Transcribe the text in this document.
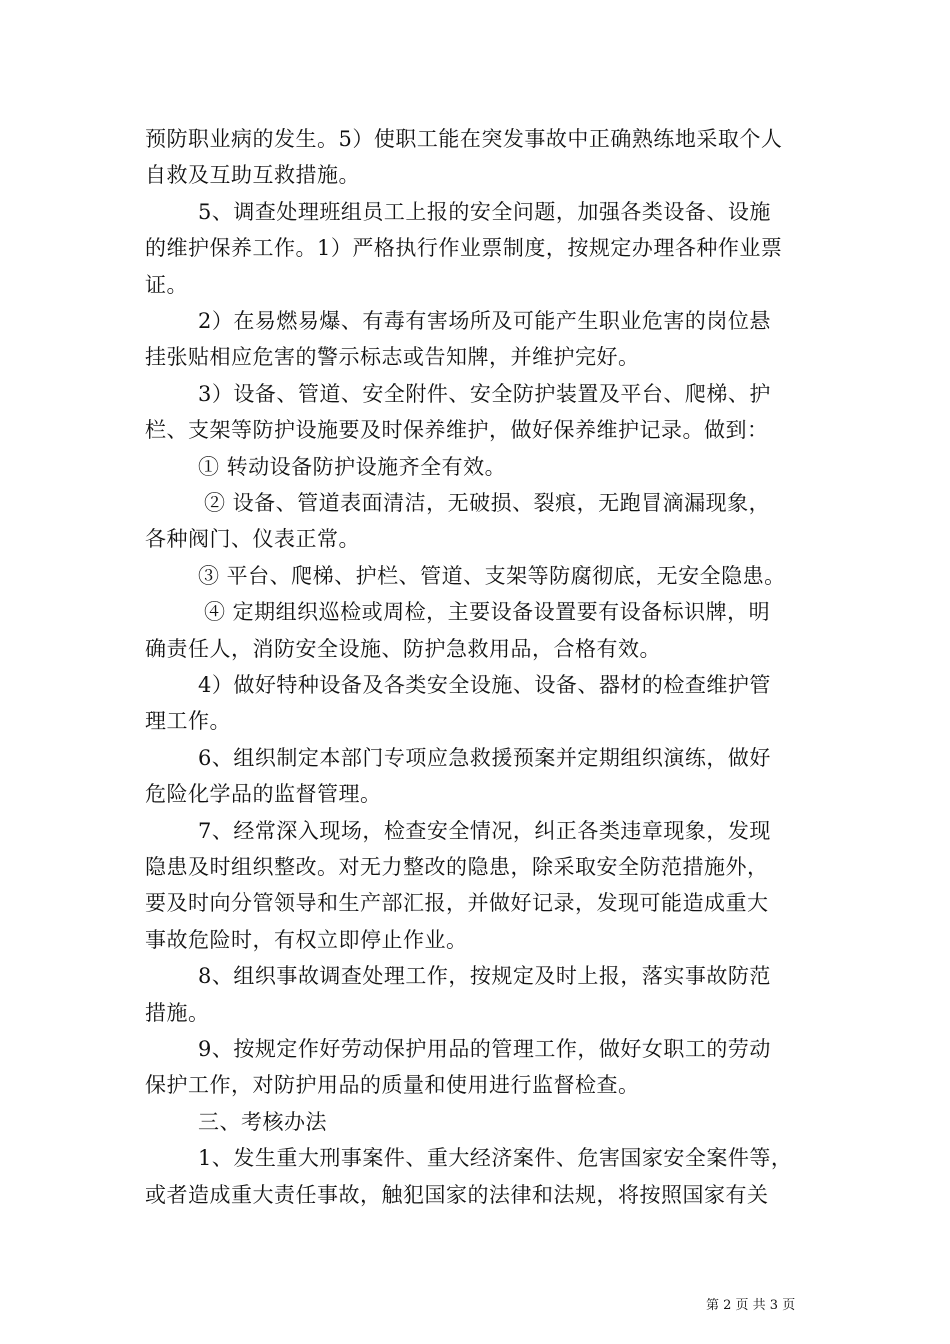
预防职业病的发生。5）使职工能在突发事故中正确熟练地采取个人
自救及互助互救措施。
5、调查处理班组员工上报的安全问题，加强各类设备、设施
的维护保养工作。1）严格执行作业票制度，按规定办理各种作业票
证。
2）在易燃易爆、有毒有害场所及可能产生职业危害的岗位悬
挂张贴相应危害的警示标志或告知牌，并维护完好。
3）设备、管道、安全附件、安全防护装置及平台、爬梯、护
栏、支架等防护设施要及时保养维护，做好保养维护记录。做到：
① 转动设备防护设施齐全有效。
② 设备、管道表面清洁，无破损、裂痕，无跑冒滴漏现象，
各种阀门、仪表正常。
③ 平台、爬梯、护栏、管道、支架等防腐彻底，无安全隐患。
④ 定期组织巡检或周检，主要设备设置要有设备标识牌，明
确责任人，消防安全设施、防护急救用品，合格有效。
4）做好特种设备及各类安全设施、设备、器材的检查维护管
理工作。
6、组织制定本部门专项应急救援预案并定期组织演练，做好
危险化学品的监督管理。
7、经常深入现场，检查安全情况，纠正各类违章现象，发现
隐患及时组织整改。对无力整改的隐患，除采取安全防范措施外，
要及时向分管领导和生产部汇报，并做好记录，发现可能造成重大
事故危险时，有权立即停止作业。
8、组织事故调查处理工作，按规定及时上报，落实事故防范
措施。
9、按规定作好劳动保护用品的管理工作，做好女职工的劳动
保护工作，对防护用品的质量和使用进行监督检查。
三、考核办法
1、发生重大刑事案件、重大经济案件、危害国家安全案件等，
或者造成重大责任事故，触犯国家的法律和法规，将按照国家有关
第 2 页 共 3 页
